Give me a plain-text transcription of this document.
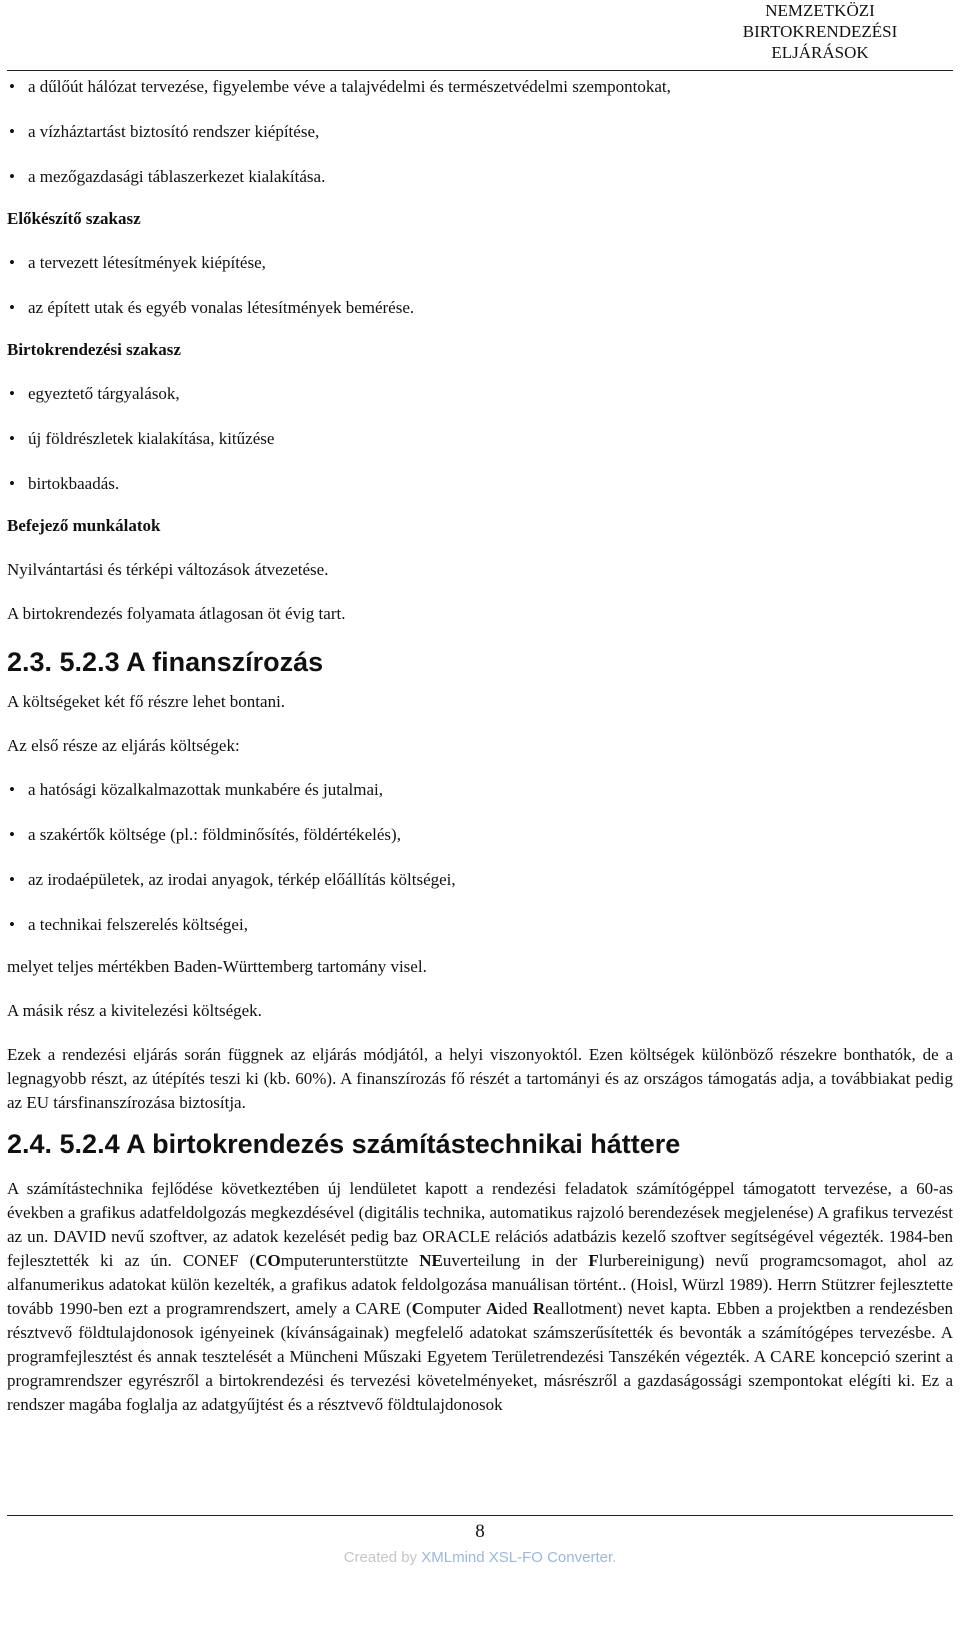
NEMZETKÖZI
BIRTOKRENDEZÉSI
ELJÁRÁSOK
• a dűlőút hálózat tervezése, figyelembe véve a talajvédelmi és természetvédelmi szempontokat,
• a vízháztartást biztosító rendszer kiépítése,
• a mezőgazdasági táblaszerkezet kialakítása.
Előkészítő szakasz
• a tervezett létesítmények kiépítése,
• az épített utak és egyéb vonalas létesítmények bemérése.
Birtokrendezési szakasz
• egyeztető tárgyalások,
• új földrészletek kialakítása, kitűzése
• birtokbaadás.
Befejező munkálatok
Nyilvántartási és térképi változások átvezetése.
A birtokrendezés folyamata átlagosan öt évig tart.
2.3. 5.2.3 A finanszírozás
A költségeket két fő részre lehet bontani.
Az első része az eljárás költségek:
• a hatósági közalkalmazottak munkabére és jutalmai,
• a szakértők költsége (pl.: földminősítés, földértékelés),
• az irodaépületek, az irodai anyagok, térkép előállítás költségei,
• a technikai felszerelés költségei,
melyet teljes mértékben Baden-Württemberg tartomány visel.
A másik rész a kivitelezési költségek.
Ezek a rendezési eljárás során függnek az eljárás módjától, a helyi viszonyoktól. Ezen költségek különböző részekre bonthatók, de a legnagyobb részt, az útépítés teszi ki (kb. 60%). A finanszírozás fő részét a tartományi és az országos támogatás adja, a továbbiakat pedig az EU társfinanszírozása biztosítja.
2.4. 5.2.4 A birtokrendezés számítástechnikai háttere
A számítástechnika fejlődése következtében új lendületet kapott a rendezési feladatok számítógéppel támogatott tervezése, a 60-as években a grafikus adatfeldolgozás megkezdésével (digitális technika, automatikus rajzoló berendezések megjelenése) A grafikus tervezést az un. DAVID nevű szoftver, az adatok kezelését pedig baz ORACLE relációs adatbázis kezelő szoftver segítségével végezték. 1984-ben fejlesztették ki az ún. CONEF (COmputerunterstützte NEuverteilung in der Flurbereinigung) nevű programcsomagot, ahol az alfanumerikus adatokat külön kezelték, a grafikus adatok feldolgozása manuálisan történt.. (Hoisl, Würzl 1989). Herrn Stützrer fejlesztette tovább 1990-ben ezt a programrendszert, amely a CARE (Computer Aided Reallotment) nevet kapta. Ebben a projektben a rendezésben résztvevő földtulajdonosok igényeinek (kívánságainak) megfelelő adatokat számszerűsítették és bevonták a számítógépes tervezésbe. A programfejlesztést és annak tesztelését a Müncheni Műszaki Egyetem Területrendezési Tanszékén végezték. A CARE koncepció szerint a programrendszer egyrészről a birtokrendezési és tervezési követelményeket, másrészről a gazdaságossági szempontokat elégíti ki. Ez a rendszer magába foglalja az adatgyűjtést és a résztvevő földtulajdonosok
8
Created by XMLmind XSL-FO Converter.
